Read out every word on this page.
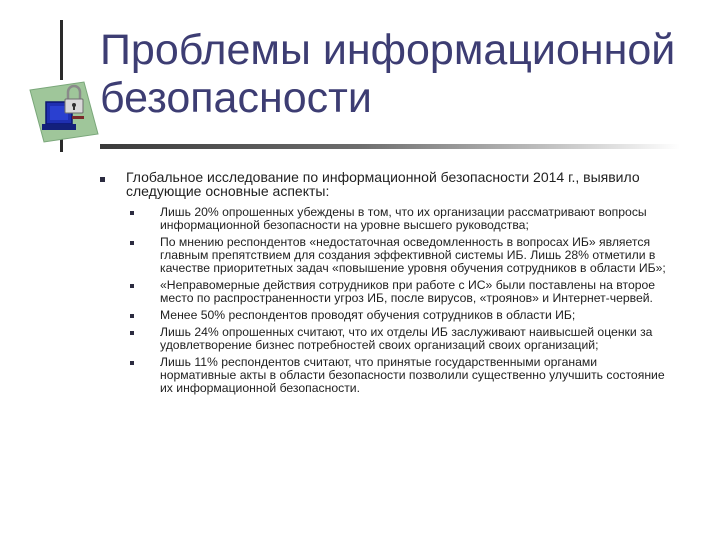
Проблемы информационной безопасности
Глобальное исследование по информационной безопасности 2014 г., выявило следующие основные аспекты:
Лишь 20% опрошенных убеждены в том, что их организации рассматривают вопросы информационной безопасности на уровне высшего руководства;
По мнению респондентов «недостаточная осведомленность в вопросах ИБ» является главным препятствием для создания эффективной системы ИБ. Лишь 28% отметили в качестве приоритетных задач «повышение уровня обучения сотрудников в области ИБ»;
«Неправомерные действия сотрудников при работе с ИС» были поставлены на второе место по распространенности угроз ИБ, после вирусов, «троянов» и Интернет-червей.
Менее 50% респондентов проводят обучения сотрудников в области ИБ;
Лишь 24% опрошенных считают, что их отделы ИБ заслуживают наивысшей оценки за удовлетворение бизнес потребностей своих организаций своих организаций;
Лишь 11% респондентов считают, что принятые государственными органами нормативные акты в области безопасности позволили существенно улучшить состояние их информационной безопасности.
